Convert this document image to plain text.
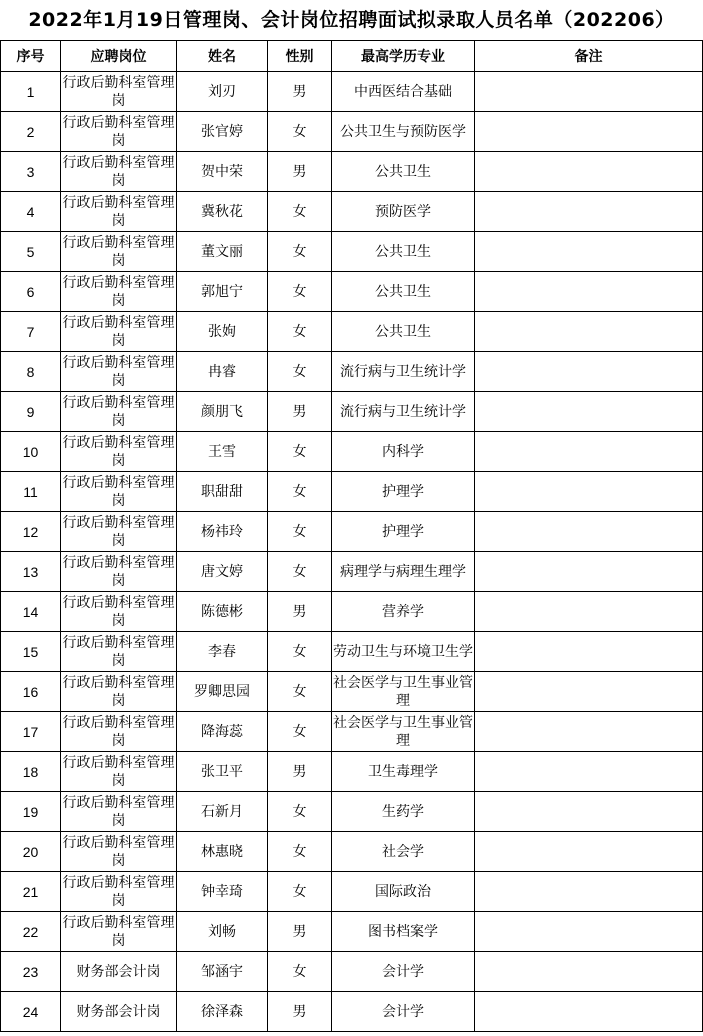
2022年1月19日管理岗、会计岗位招聘面试拟录取人员名单（202206）
序号	应聘岗位	姓名	性别	最高学历专业	备注
1	行政后勤科室管理岗	刘刃	男	中西医结合基础	
2	行政后勤科室管理岗	张官婷	女	公共卫生与预防医学	
3	行政后勤科室管理岗	贺中荣	男	公共卫生	
4	行政后勤科室管理岗	冀秋花	女	预防医学	
5	行政后勤科室管理岗	董文丽	女	公共卫生	
6	行政后勤科室管理岗	郭旭宁	女	公共卫生	
7	行政后勤科室管理岗	张姁	女	公共卫生	
8	行政后勤科室管理岗	冉睿	女	流行病与卫生统计学	
9	行政后勤科室管理岗	颜朋飞	男	流行病与卫生统计学	
10	行政后勤科室管理岗	王雪	女	内科学	
11	行政后勤科室管理岗	职甜甜	女	护理学	
12	行政后勤科室管理岗	杨祎玲	女	护理学	
13	行政后勤科室管理岗	唐文婷	女	病理学与病理生理学	
14	行政后勤科室管理岗	陈德彬	男	营养学	
15	行政后勤科室管理岗	李春	女	劳动卫生与环境卫生学	
16	行政后勤科室管理岗	罗卿思园	女	社会医学与卫生事业管理	
17	行政后勤科室管理岗	降海蕊	女	社会医学与卫生事业管理	
18	行政后勤科室管理岗	张卫平	男	卫生毒理学	
19	行政后勤科室管理岗	石新月	女	生药学	
20	行政后勤科室管理岗	林惠晓	女	社会学	
21	行政后勤科室管理岗	钟幸琦	女	国际政治	
22	行政后勤科室管理岗	刘畅	男	图书档案学	
23	财务部会计岗	邹涵宇	女	会计学	
24	财务部会计岗	徐泽森	男	会计学	
